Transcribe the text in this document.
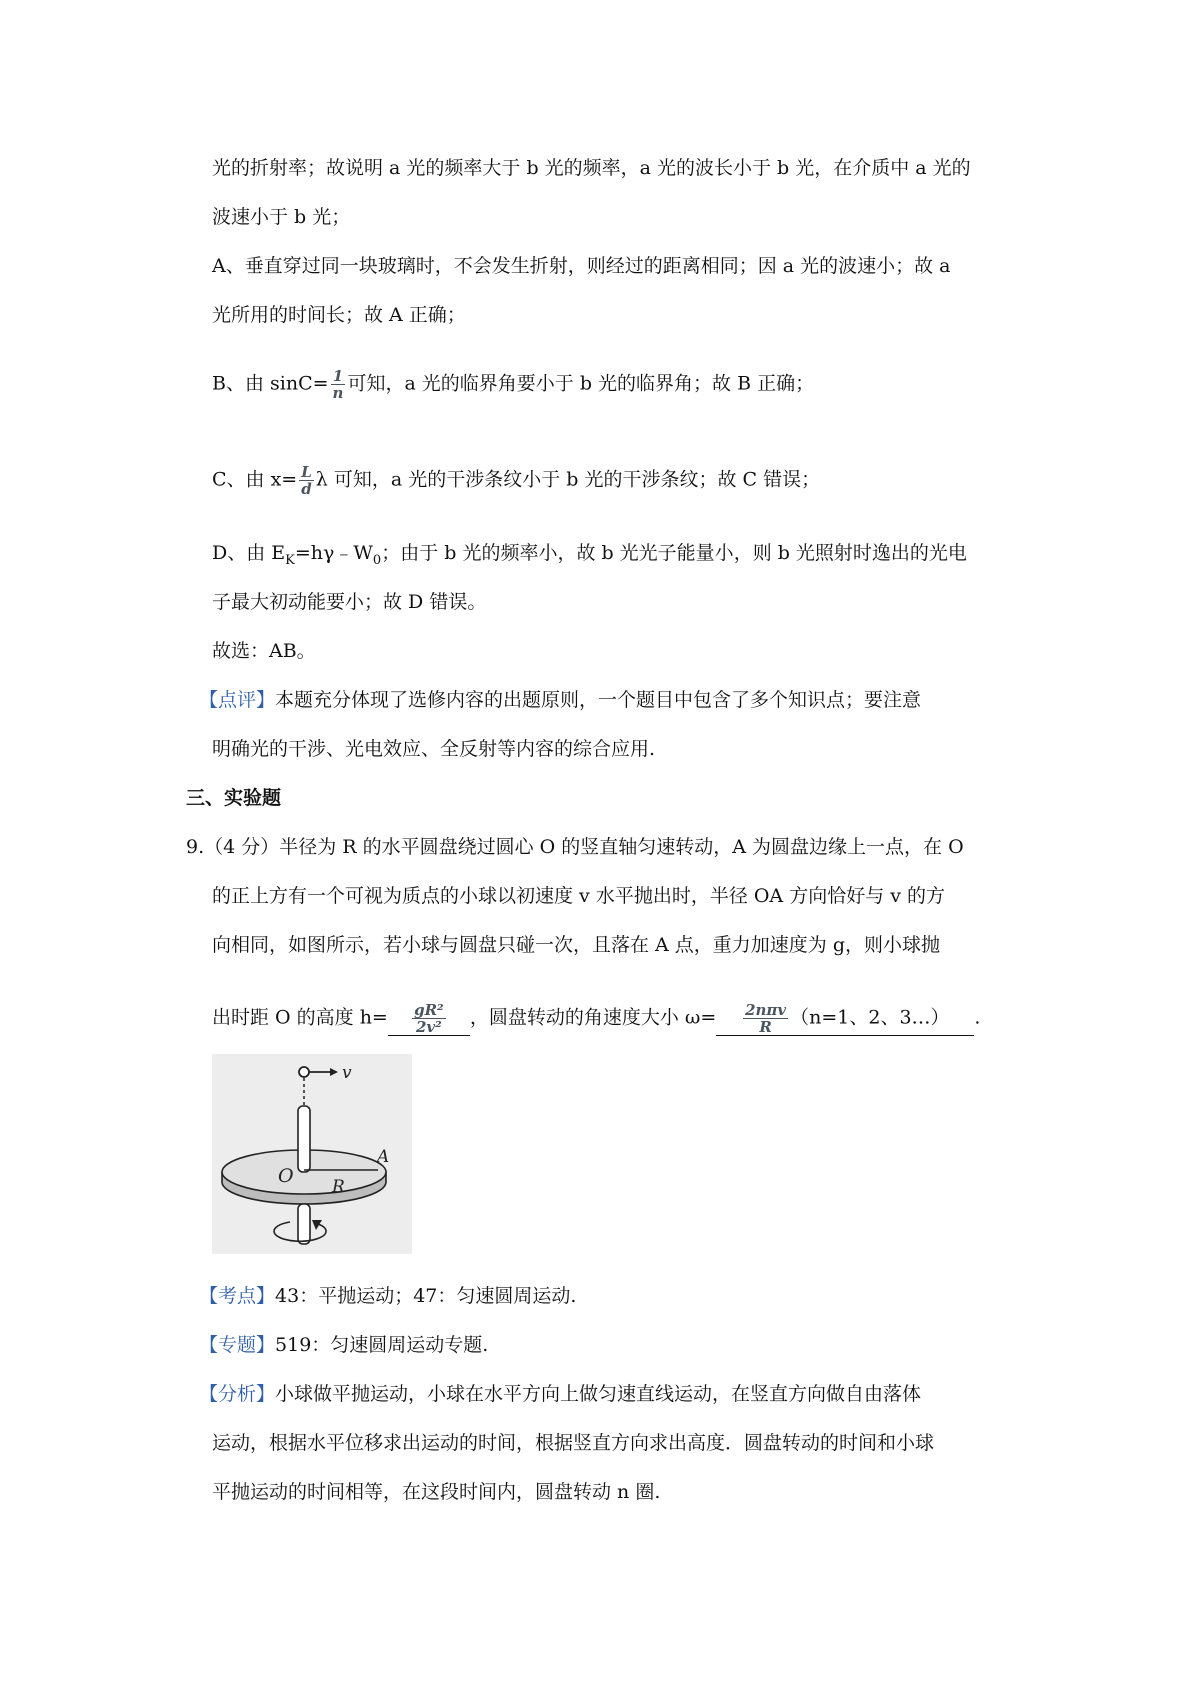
光的折射率；故说明 a 光的频率大于 b 光的频率，a 光的波长小于 b 光，在介质中 a 光的
波速小于 b 光；
A、垂直穿过同一块玻璃时，不会发生折射，则经过的距离相同；因 a 光的波速小；故 a
光所用的时间长；故 A 正确；
B、由 $\sin C= \frac{1}{n}$ 可知，a 光的临界角要小于 b 光的临界角；故 B 正确；
C、由 $x= \frac{L}{d}$ λ 可知，a 光的干涉条纹小于 b 光的干涉条纹；故 C 错误；
D、由 $E_K=h\gamma﹣W_0$；由于 b 光的频率小，故 b 光光子能量小，则 b 光照射时逸出的光电
子最大初动能要小；故 D 错误。
故选：AB。
【点评】本题充分体现了选修内容的出题原则，一个题目中包含了多个知识点；要注意
明确光的干涉、光电效应、全反射等内容的综合应用.
三、实验题
9.（4 分）半径为 R 的水平圆盘绕过圆心 O 的竖直轴匀速转动，A 为圆盘边缘上一点，在 O
的正上方有一个可视为质点的小球以初速度 v 水平抛出时，半径 OA 方向恰好与 v 的方
向相同，如图所示，若小球与圆盘只碰一次，且落在 A 点，重力加速度为 g，则小球抛
出时距 O 的高度 $h= \frac{\text{gR²}}{\text{2v²}}$ ，圆盘转动的角速度大小 $\omega= \frac{\text{2nπv}}{R} (n=1$、2、3…） .
v
O R
A
【考点】43：平抛运动；47：匀速圆周运动.
【专题】519：匀速圆周运动专题.
【分析】小球做平抛运动，小球在水平方向上做匀速直线运动，在竖直方向做自由落体
运动，根据水平位移求出运动的时间，根据竖直方向求出高度．圆盘转动的时间和小球
平抛运动的时间相等，在这段时间内，圆盘转动 n 圈.
